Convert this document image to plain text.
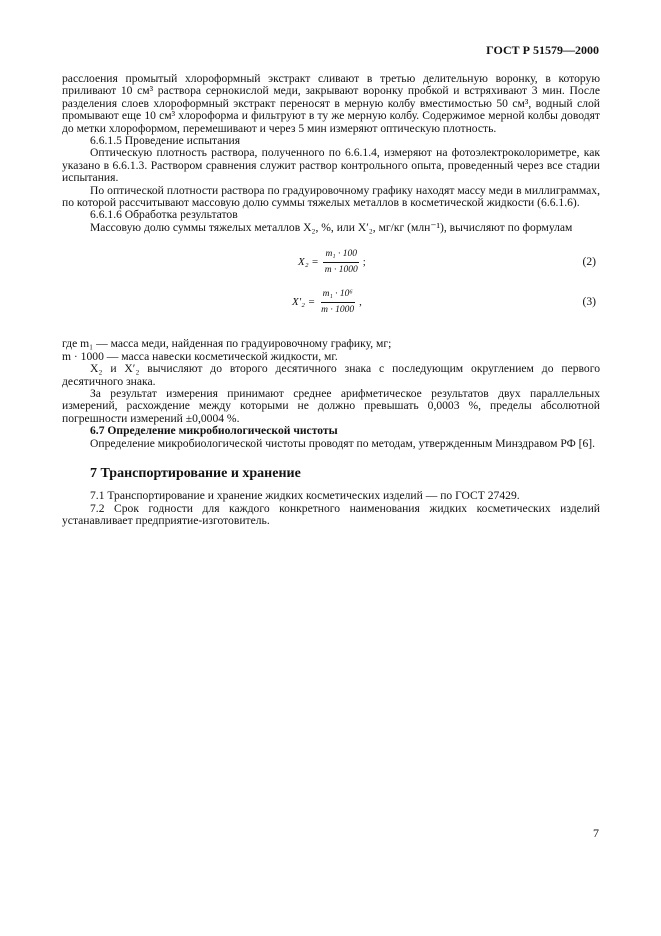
ГОСТ Р 51579—2000

расслоения промытый хлороформный экстракт сливают в третью делительную воронку, в которую приливают 10 см³ раствора сернокислой меди, закрывают воронку пробкой и встряхивают 3 мин. После разделения слоев хлороформный экстракт переносят в мерную колбу вместимостью 50 см³, водный слой промывают еще 10 см³ хлороформа и фильтруют в ту же мерную колбу. Содержимое мерной колбы доводят до метки хлороформом, перемешивают и через 5 мин измеряют оптическую плотность.

6.6.1.5 Проведение испытания

Оптическую плотность раствора, полученного по 6.6.1.4, измеряют на фотоэлектроколориметре, как указано в 6.6.1.3. Раствором сравнения служит раствор контрольного опыта, проведенный через все стадии испытания.

По оптической плотности раствора по градуировочному графику находят массу меди в миллиграммах, по которой рассчитывают массовую долю суммы тяжелых металлов в косметической жидкости (6.6.1.6).

6.6.1.6 Обработка результатов

Массовую долю суммы тяжелых металлов X₂, %, или X′₂, мг/кг (млн⁻¹), вычисляют по формулам

$X_2 = \frac{\text{m₁ · 100}}{m \cdot 1000}$ ;	(2)
$X'_2 = \frac{\text{m₁ · 10⁶}}{m \cdot 1000}$ ,	(3)

где m₁ — масса меди, найденная по градуировочному графику, мг;

m · 1000 — масса навески косметической жидкости, мг.

X₂ и X′₂ вычисляют до второго десятичного знака с последующим округлением до первого десятичного знака.

За результат измерения принимают среднее арифметическое результатов двух параллельных измерений, расхождение между которыми не должно превышать 0,0003 %, пределы абсолютной погрешности измерений ±0,0004 %.

6.7 Определение микробиологической чистоты

Определение микробиологической чистоты проводят по методам, утвержденным Минздравом РФ [6].

7 Транспортирование и хранение

7.1 Транспортирование и хранение жидких косметических изделий — по ГОСТ 27429.

7.2 Срок годности для каждого конкретного наименования жидких косметических изделий устанавливает предприятие-изготовитель.

7
